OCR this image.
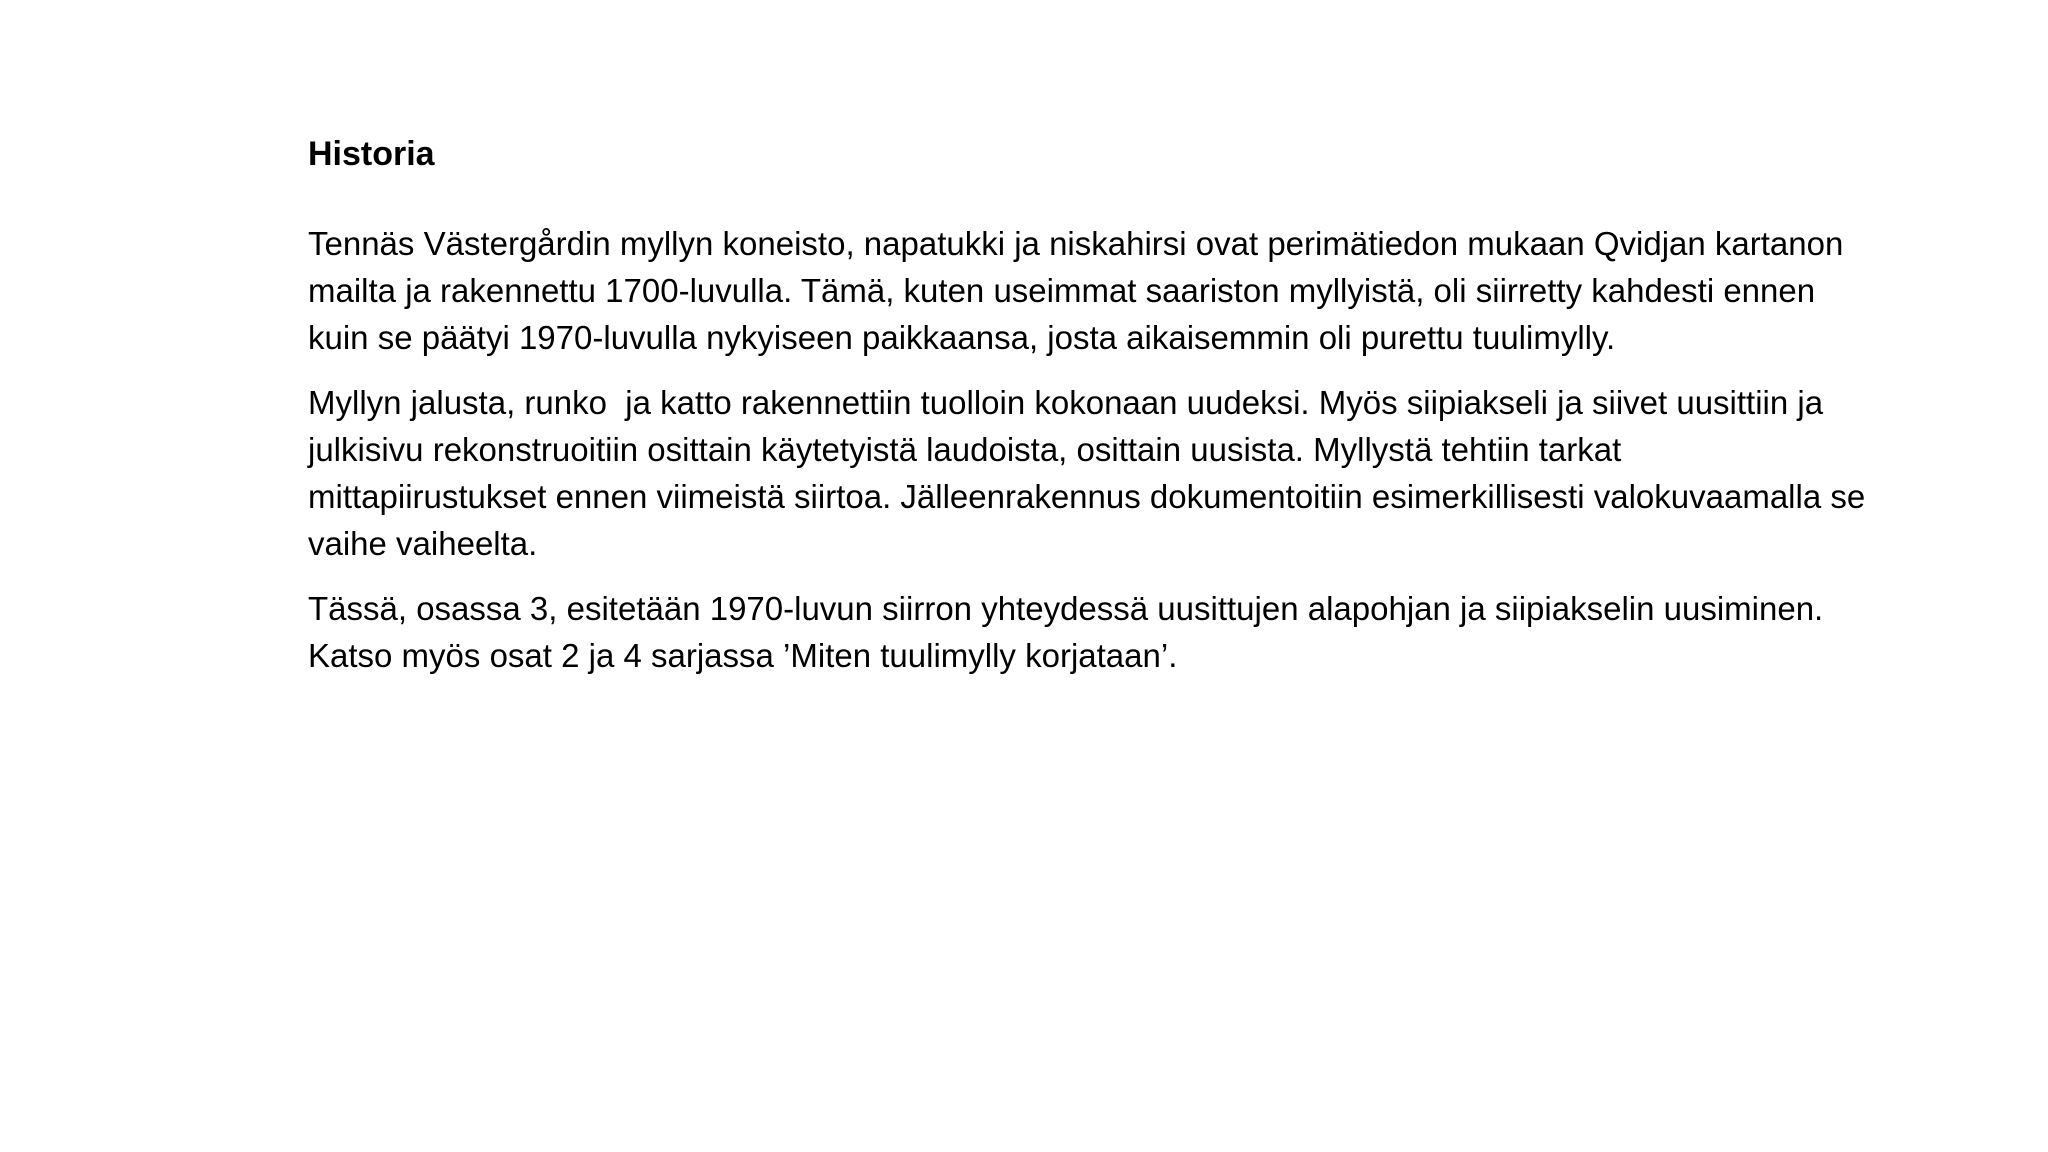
Historia

Tennäs Västergårdin myllyn koneisto, napatukki ja niskahirsi ovat perimätiedon mukaan Qvidjan kartanon mailta ja rakennettu 1700-luvulla. Tämä, kuten useimmat saariston myllyistä, oli siirretty kahdesti ennen kuin se päätyi 1970-luvulla nykyiseen paikkaansa, josta aikaisemmin oli purettu tuulimylly.

Myllyn jalusta, runko  ja katto rakennettiin tuolloin kokonaan uudeksi. Myös siipiakseli ja siivet uusittiin ja julkisivu rekonstruoitiin osittain käytetyistä laudoista, osittain uusista. Myllystä tehtiin tarkat mittapiirustukset ennen viimeistä siirtoa. Jälleenrakennus dokumentoitiin esimerkillisesti valokuvaamalla se vaihe vaiheelta.

Tässä, osassa 3, esitetään 1970-luvun siirron yhteydessä uusittujen alapohjan ja siipiakselin uusiminen. Katso myös osat 2 ja 4 sarjassa ’Miten tuulimylly korjataan’.
